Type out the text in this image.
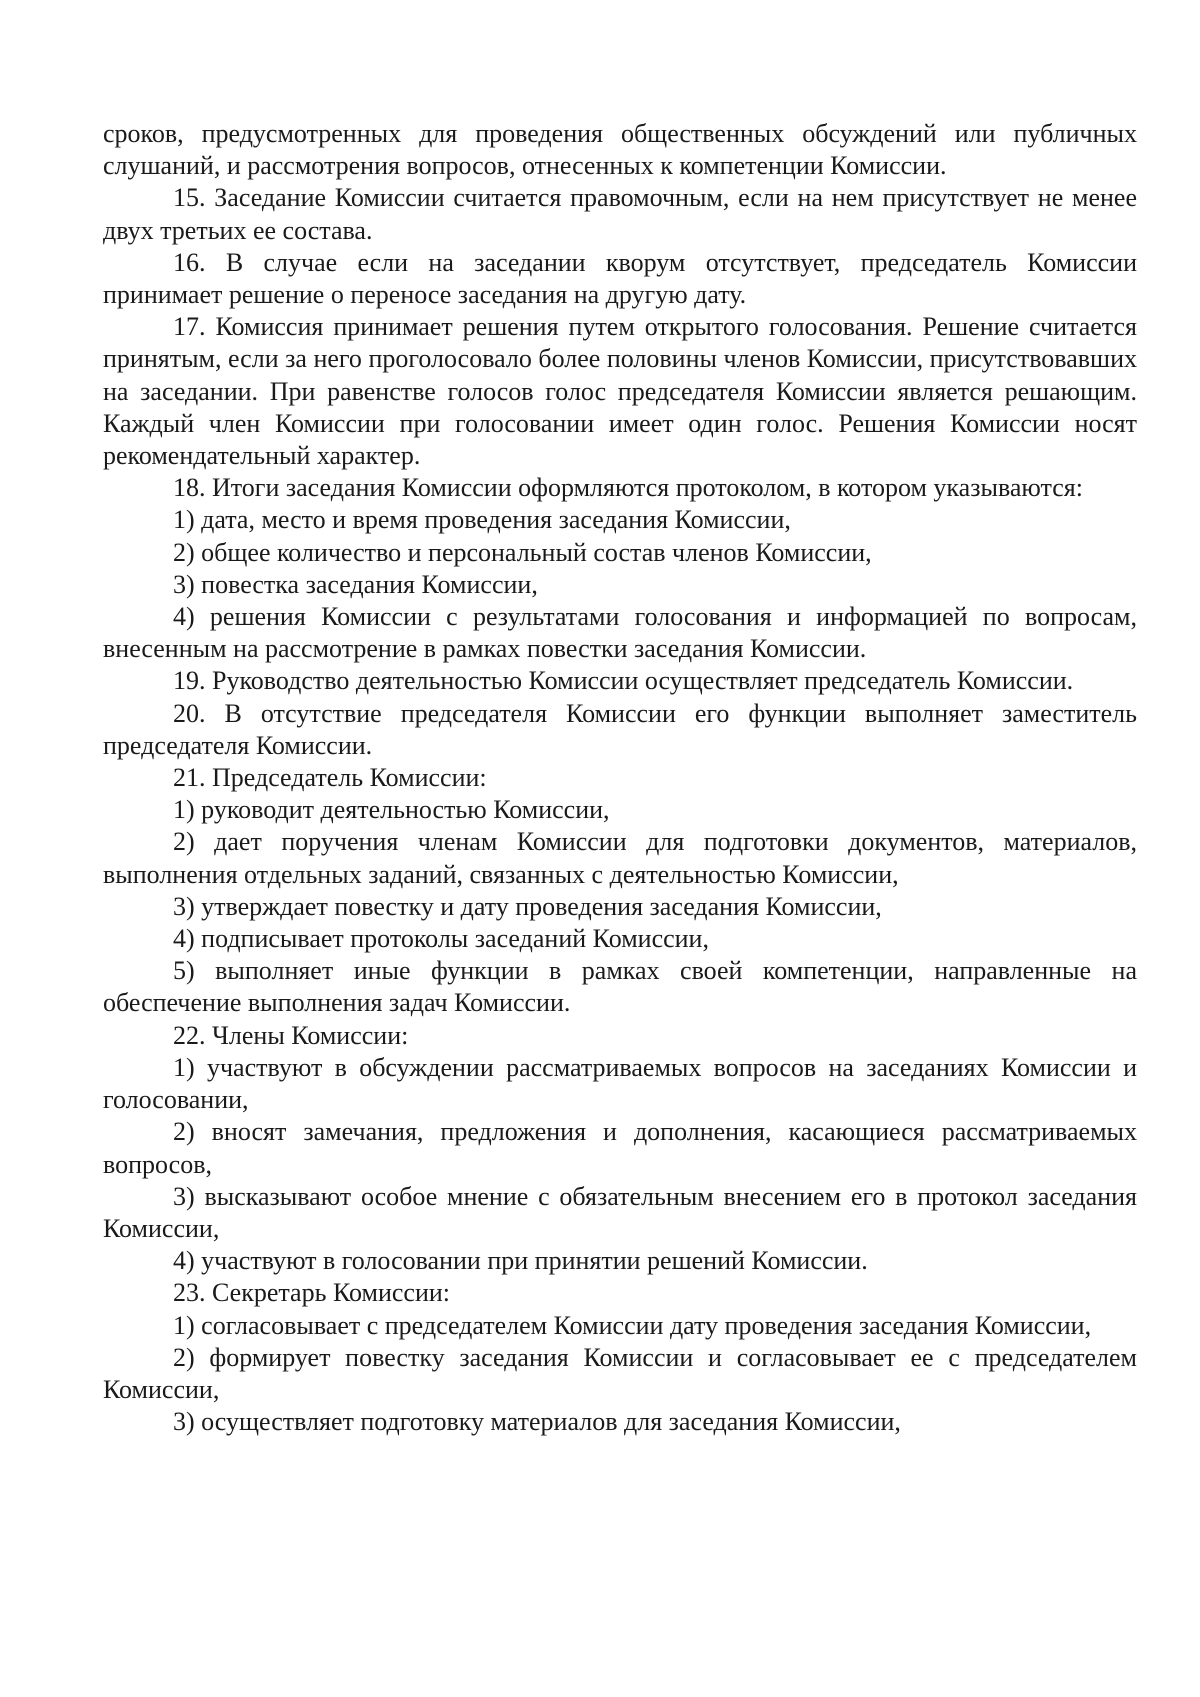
сроков, предусмотренных для проведения общественных обсуждений или публичных слушаний, и рассмотрения вопросов, отнесенных к компетенции Комиссии.

15. Заседание Комиссии считается правомочным, если на нем присутствует не менее двух третьих ее состава.

16. В случае если на заседании кворум отсутствует, председатель Комиссии принимает решение о переносе заседания на другую дату.

17. Комиссия принимает решения путем открытого голосования. Решение считается принятым, если за него проголосовало более половины членов Комиссии, присутствовавших на заседании. При равенстве голосов голос председателя Комиссии является решающим. Каждый член Комиссии при голосовании имеет один голос. Решения Комиссии носят рекомендательный характер.

18. Итоги заседания Комиссии оформляются протоколом, в котором указываются:

1) дата, место и время проведения заседания Комиссии,

2) общее количество и персональный состав членов Комиссии,

3) повестка заседания Комиссии,

4) решения Комиссии с результатами голосования и информацией по вопросам, внесенным на рассмотрение в рамках повестки заседания Комиссии.

19. Руководство деятельностью Комиссии осуществляет председатель Комиссии.

20. В отсутствие председателя Комиссии его функции выполняет заместитель председателя Комиссии.

21. Председатель Комиссии:

1) руководит деятельностью Комиссии,

2) дает поручения членам Комиссии для подготовки документов, материалов, выполнения отдельных заданий, связанных с деятельностью Комиссии,

3) утверждает повестку и дату проведения заседания Комиссии,

4) подписывает протоколы заседаний Комиссии,

5) выполняет иные функции в рамках своей компетенции, направленные на обеспечение выполнения задач Комиссии.

22. Члены Комиссии:

1) участвуют в обсуждении рассматриваемых вопросов на заседаниях Комиссии и голосовании,

2) вносят замечания, предложения и дополнения, касающиеся рассматриваемых вопросов,

3) высказывают особое мнение с обязательным внесением его в протокол заседания Комиссии,

4) участвуют в голосовании при принятии решений Комиссии.

23. Секретарь Комиссии:

1) согласовывает с председателем Комиссии дату проведения заседания Комиссии,

2) формирует повестку заседания Комиссии и согласовывает ее с председателем Комиссии,

3) осуществляет подготовку материалов для заседания Комиссии,
